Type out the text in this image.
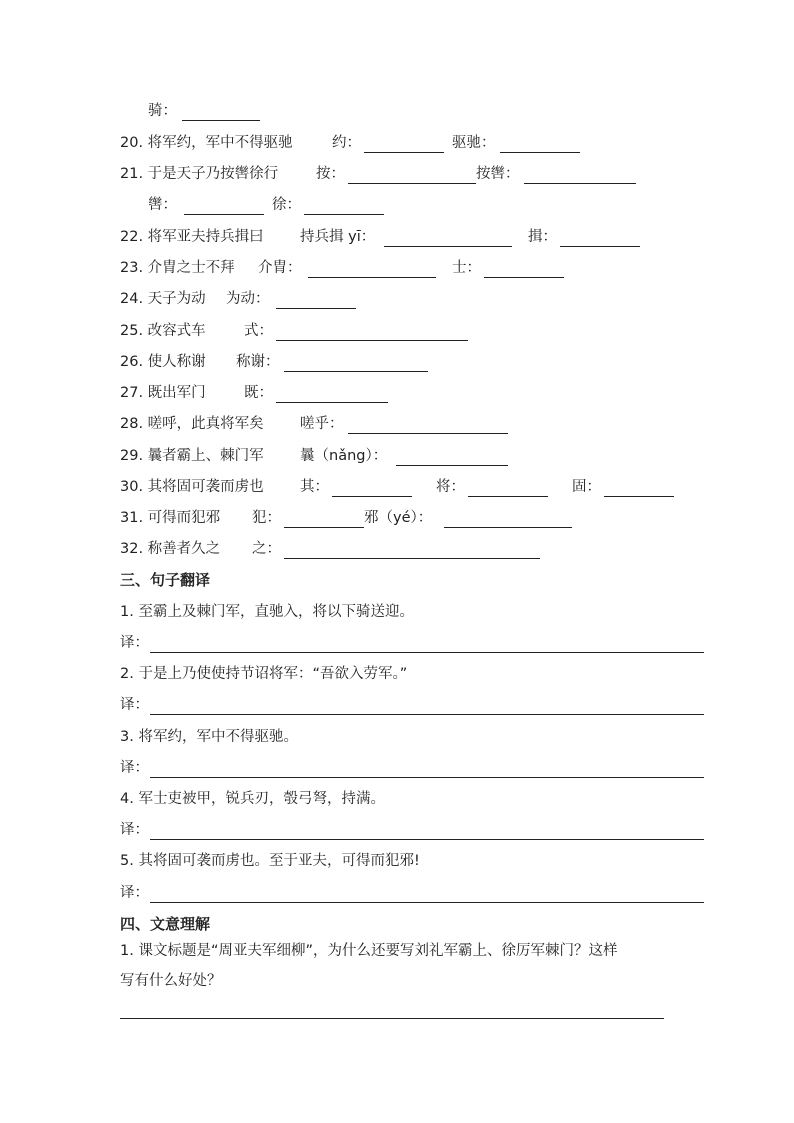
骑：
20. 将军约，军中不得驱驰	约：	驱驰：
21. 于是天子乃按辔徐行	按：	按辔：
辔：	徐：
22. 将军亚夫持兵揖曰	持兵揖 yī：	揖：
23. 介胄之士不拜 介胄：	士：
24. 天子为动 为动：
25. 改容式车	式：
26. 使人称谢 称谢：
27. 既出军门	既：
28. 嗟呼，此真将军矣	嗟乎：
29. 曩者霸上、棘门军	曩（nǎng）：
30. 其将固可袭而虏也	其：	将：	固：
31. 可得而犯邪 犯：	邪（yé）：
32. 称善者久之 之：
三、句子翻译
1. 至霸上及棘门军，直驰入，将以下骑送迎。
译：
2. 于是上乃使使持节诏将军：“吾欲入劳军。”
译：
3. 将军约，军中不得驱驰。
译：
4. 军士吏被甲，锐兵刃，彀弓弩，持满。
译：
5. 其将固可袭而虏也。至于亚夫，可得而犯邪!
译：
四、文意理解
1. 课文标题是“周亚夫军细柳”，为什么还要写刘礼军霸上、徐厉军棘门？这样
写有什么好处？
